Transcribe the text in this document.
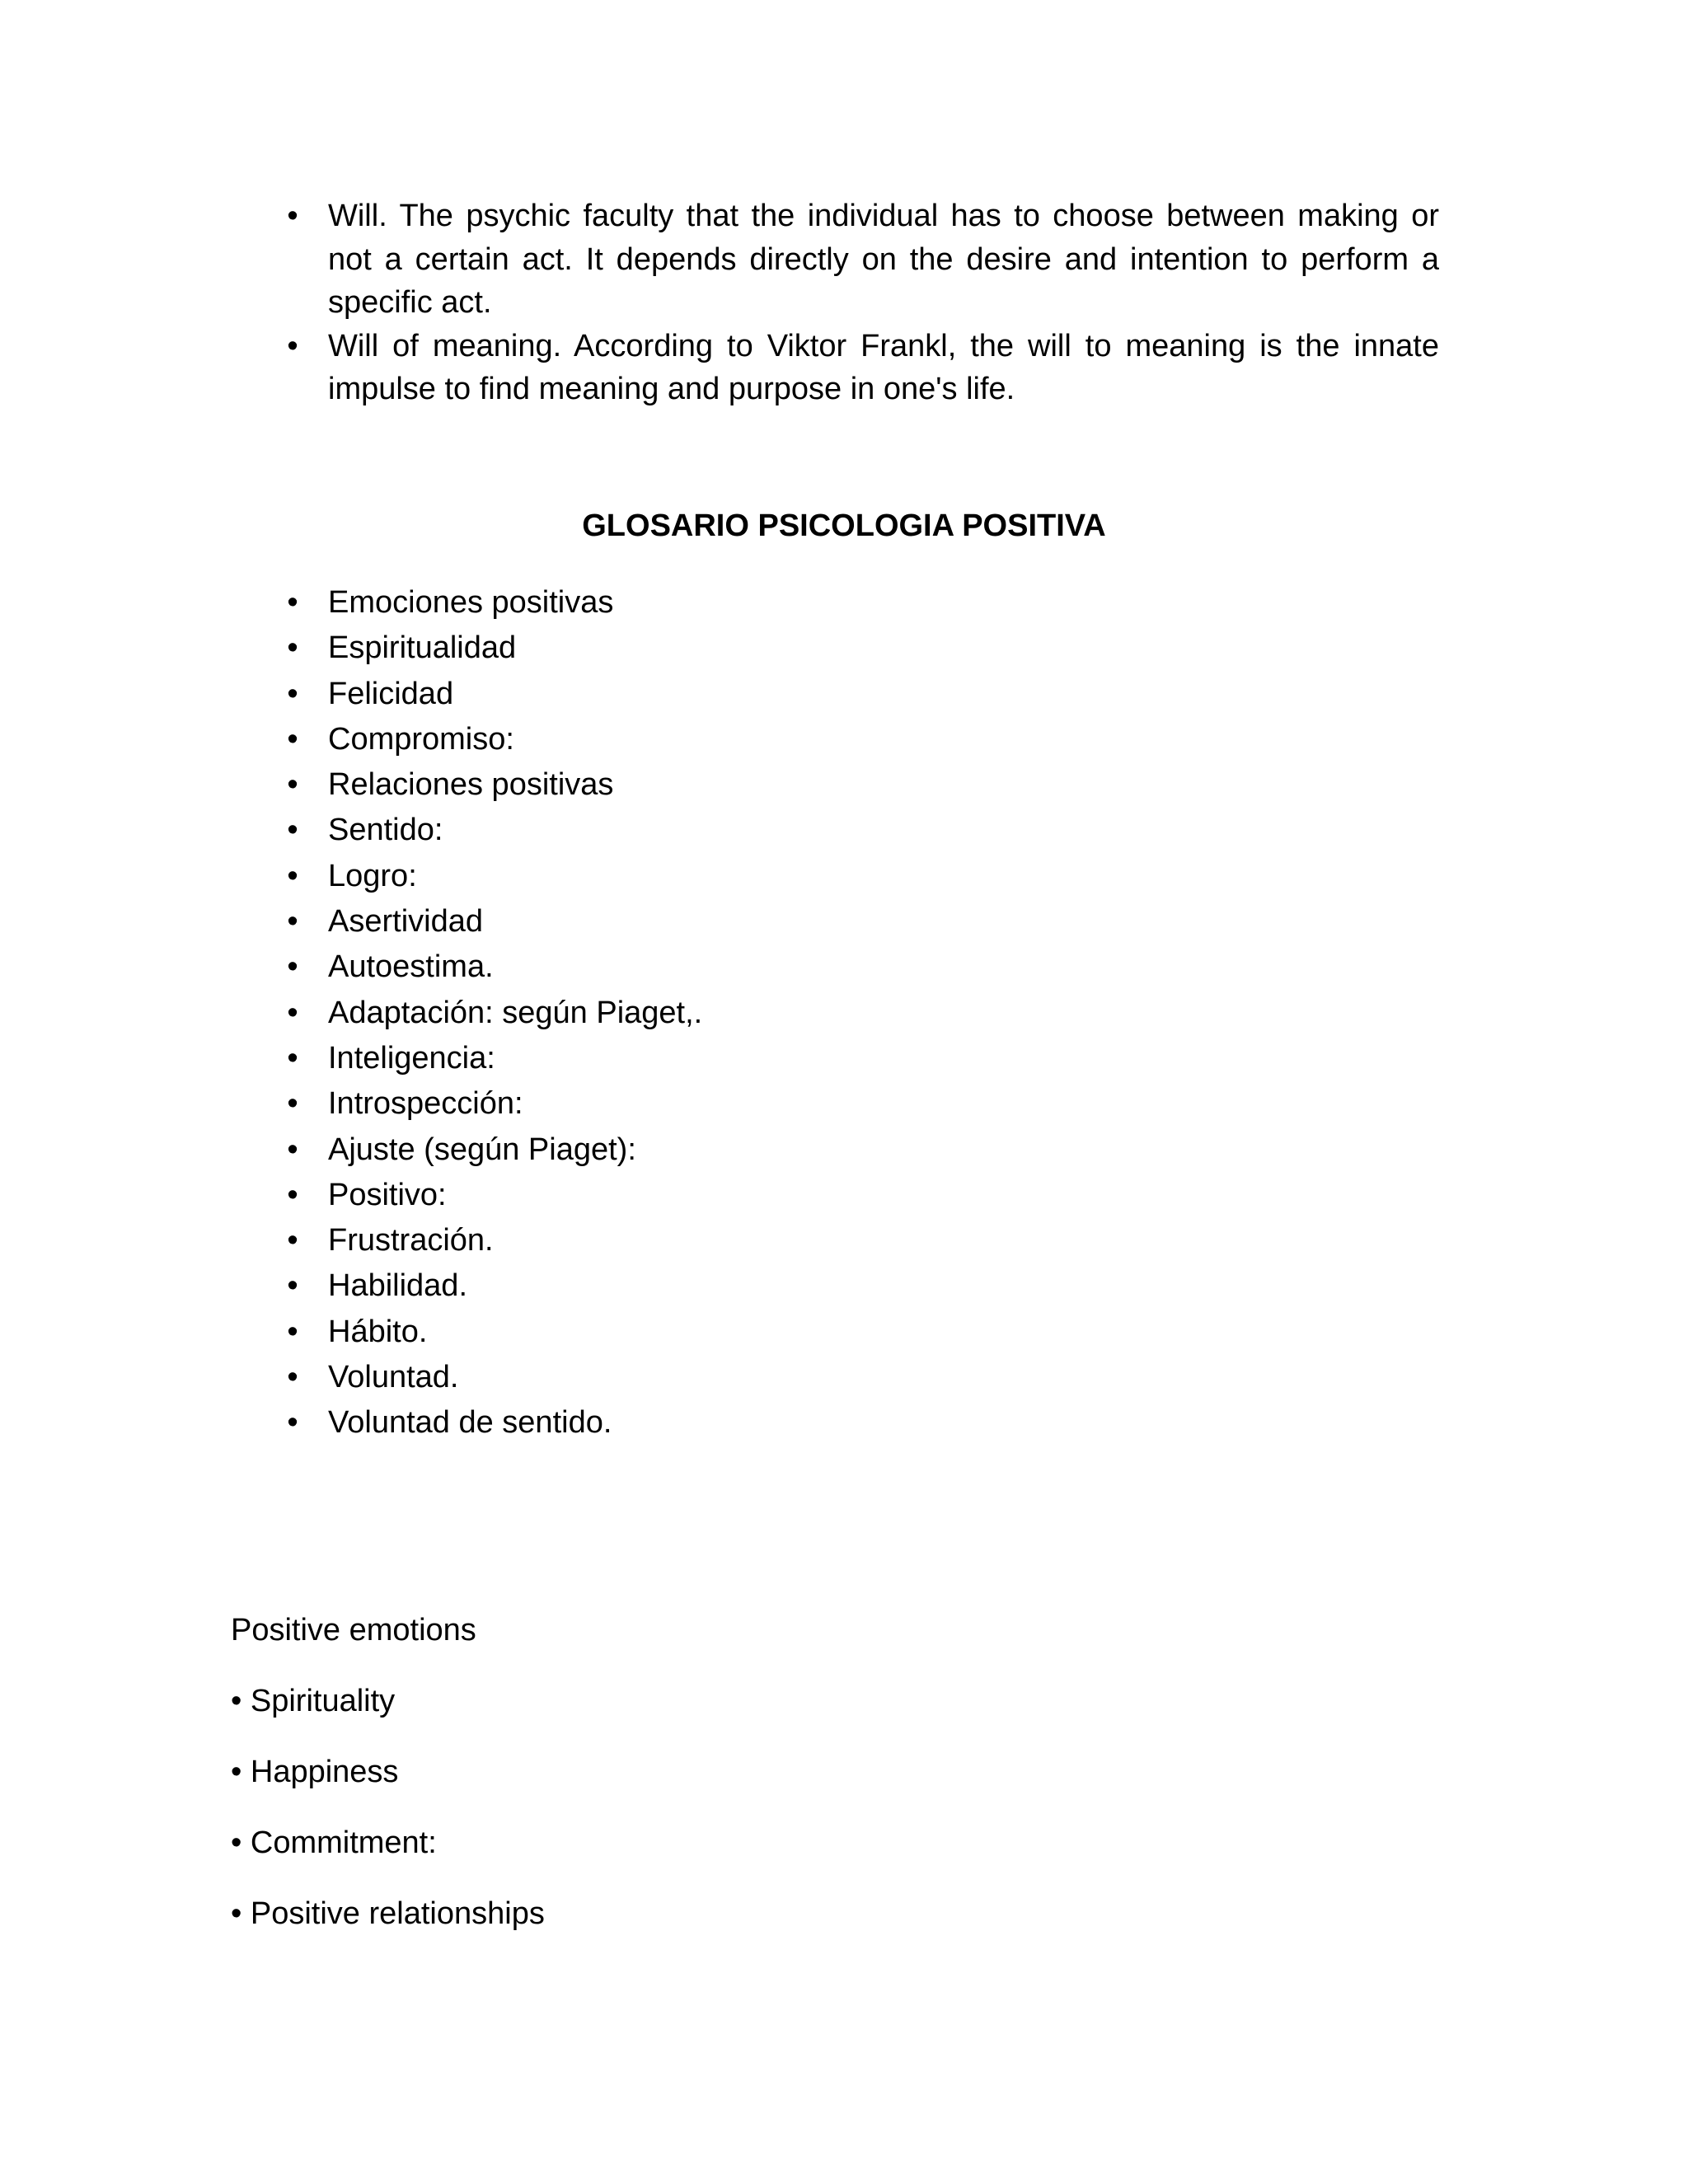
•
Will. The psychic faculty that the individual has to choose between making or not a certain act. It depends directly on the desire and intention to perform a specific act.
•
Will of meaning. According to Viktor Frankl, the will to meaning is the innate impulse to find meaning and purpose in one's life.
GLOSARIO PSICOLOGIA POSITIVA
•
Emociones positivas
•
Espiritualidad
•
Felicidad
•
Compromiso:
•
Relaciones positivas
•
Sentido:
•
Logro:
•
Asertividad
•
Autoestima.
•
Adaptación: según Piaget,.
•
Inteligencia:
•
Introspección:
•
Ajuste (según Piaget):
•
Positivo:
•
Frustración.
•
Habilidad.
•
Hábito.
•
Voluntad.
•
Voluntad de sentido.

Positive emotions

• Spirituality

• Happiness

• Commitment:

• Positive relationships
